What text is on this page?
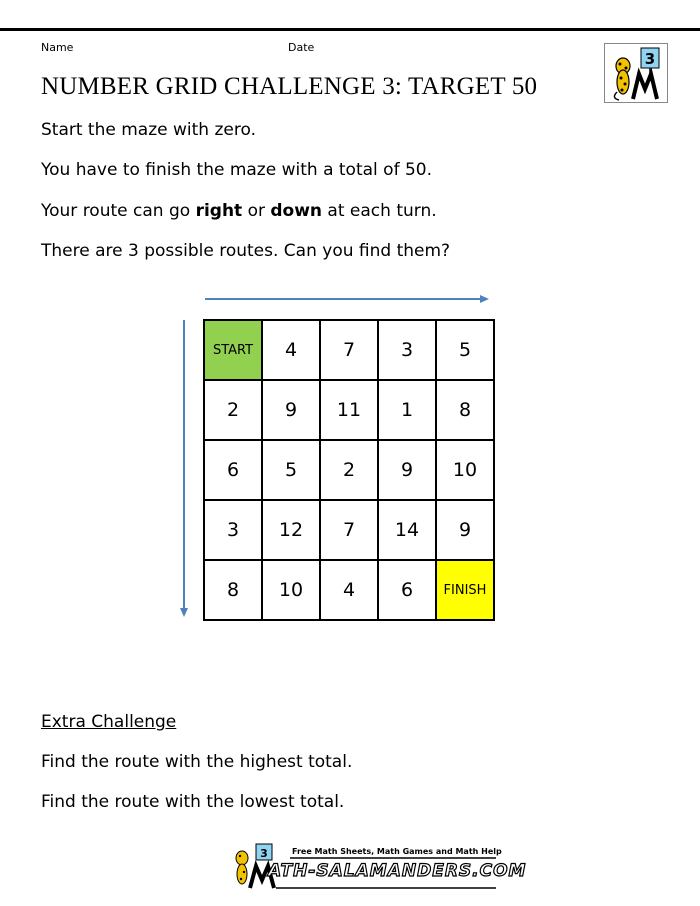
Name	Date
3
NUMBER GRID CHALLENGE 3: TARGET 50
Start the maze with zero.
You have to finish the maze with a total of 50.
Your route can go right or down at each turn.
There are 3 possible routes. Can you find them?
START	4	7	3	5
2	9	11	1	8
6	5	2	9	10
3	12	7	14	9
8	10	4	6	FINISH
Extra Challenge
Find the route with the highest total.
Find the route with the lowest total.
3	Free Math Sheets, Math Games and Math Help
ATH-SALAMANDERS.COM
